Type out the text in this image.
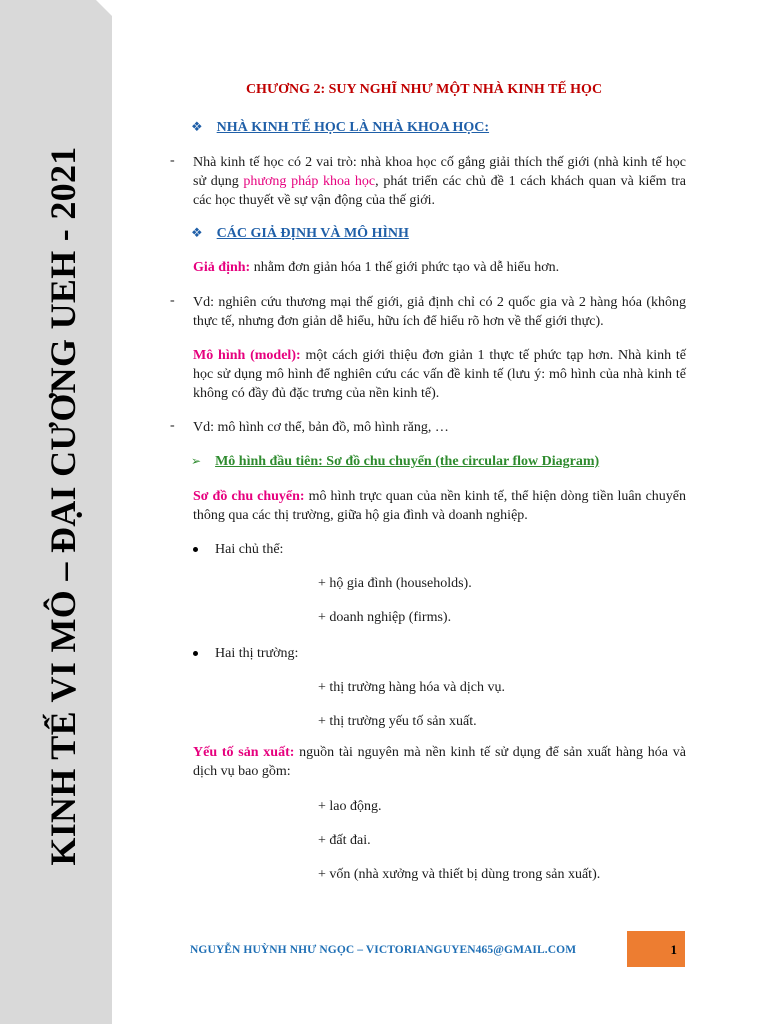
KINH TẾ VI MÔ – ĐẠI CƯƠNG UEH - 2021
CHƯƠNG 2: SUY NGHĨ NHƯ MỘT NHÀ KINH TẾ HỌC
❖ NHÀ KINH TẾ HỌC LÀ NHÀ KHOA HỌC:
- Nhà kinh tế học có 2 vai trò: nhà khoa học cố gắng giải thích thế giới (nhà kinh tế học sử dụng phương pháp khoa học, phát triển các chủ đề 1 cách khách quan và kiểm tra các học thuyết về sự vận động của thế giới.
❖ CÁC GIẢ ĐỊNH VÀ MÔ HÌNH
Giả định: nhằm đơn giản hóa 1 thế giới phức tạo và dễ hiểu hơn.
- Vd: nghiên cứu thương mại thế giới, giả định chỉ có 2 quốc gia và 2 hàng hóa (không thực tế, nhưng đơn giản dễ hiểu, hữu ích để hiểu rõ hơn về thế giới thực).
Mô hình (model): một cách giới thiệu đơn giản 1 thực tế phức tạp hơn. Nhà kinh tế học sử dụng mô hình để nghiên cứu các vấn đề kinh tế (lưu ý: mô hình của nhà kinh tế không có đầy đủ đặc trưng của nền kinh tế).
- Vd: mô hình cơ thể, bản đồ, mô hình răng, …
➢ Mô hình đầu tiên: Sơ đồ chu chuyển (the circular flow Diagram)
Sơ đồ chu chuyển: mô hình trực quan của nền kinh tế, thể hiện dòng tiền luân chuyển thông qua các thị trường, giữa hộ gia đình và doanh nghiệp.
Hai chủ thể:
+ hộ gia đình (households).
+ doanh nghiệp (firms).
Hai thị trường:
+ thị trường hàng hóa và dịch vụ.
+ thị trường yếu tố sản xuất.
Yếu tố sản xuất: nguồn tài nguyên mà nền kinh tế sử dụng để sản xuất hàng hóa và dịch vụ bao gồm:
+ lao động.
+ đất đai.
+ vốn (nhà xưởng và thiết bị dùng trong sản xuất).
NGUYỄN HUỲNH NHƯ NGỌC – VICTORIANGUYEN465@GMAIL.COM	1
